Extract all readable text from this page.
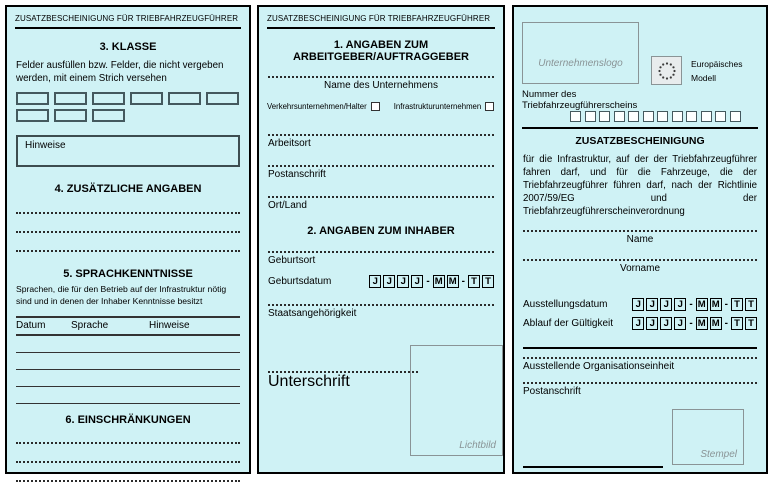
ZUSATZBESCHEINIGUNG FÜR TRIEBFAHRZEUGFÜHRER
3. KLASSE
Felder ausfüllen bzw. Felder, die nicht vergeben werden, mit einem Strich versehen
Hinweise
4. ZUSÄTZLICHE ANGABEN
5. SPRACHKENNTNISSE
Sprachen, die für den Betrieb auf der Infrastruktur nötig sind und in denen der Inhaber Kenntnisse besitzt
Datum	Sprache	Hinweise
6. EINSCHRÄNKUNGEN
ZUSATZBESCHEINIGUNG FÜR TRIEBFAHRZEUGFÜHRER
1. ANGABEN ZUM ARBEITGEBER/AUFTRAGGEBER
Name des Unternehmens
Verkehrsunternehmen/Halter	Infrastrukturunternehmen
Arbeitsort
Postanschrift
Ort/Land
2. ANGABEN ZUM INHABER
Geburtsort
Geburtsdatum	J J J J - M M - T T
Staatsangehörigkeit
Unterschrift
Lichtbild
Unternehmenslogo	Europäisches
Modell
Nummer des
Triebfahrzeugführerscheins
ZUSATZBESCHEINIGUNG
für die Infrastruktur, auf der der Triebfahrzeugführer fahren darf, und für die Fahrzeuge, die der Triebfahrzeugführer führen darf, nach der Richtlinie 2007/59/EG und der Triebfahrzeugführerscheinverordnung
Name
Vorname
Ausstellungsdatum	J J J J - M M - T T
Ablauf der Gültigkeit	J J J J - M M - T T
Ausstellende Organisationseinheit
Postanschrift
Stempel
